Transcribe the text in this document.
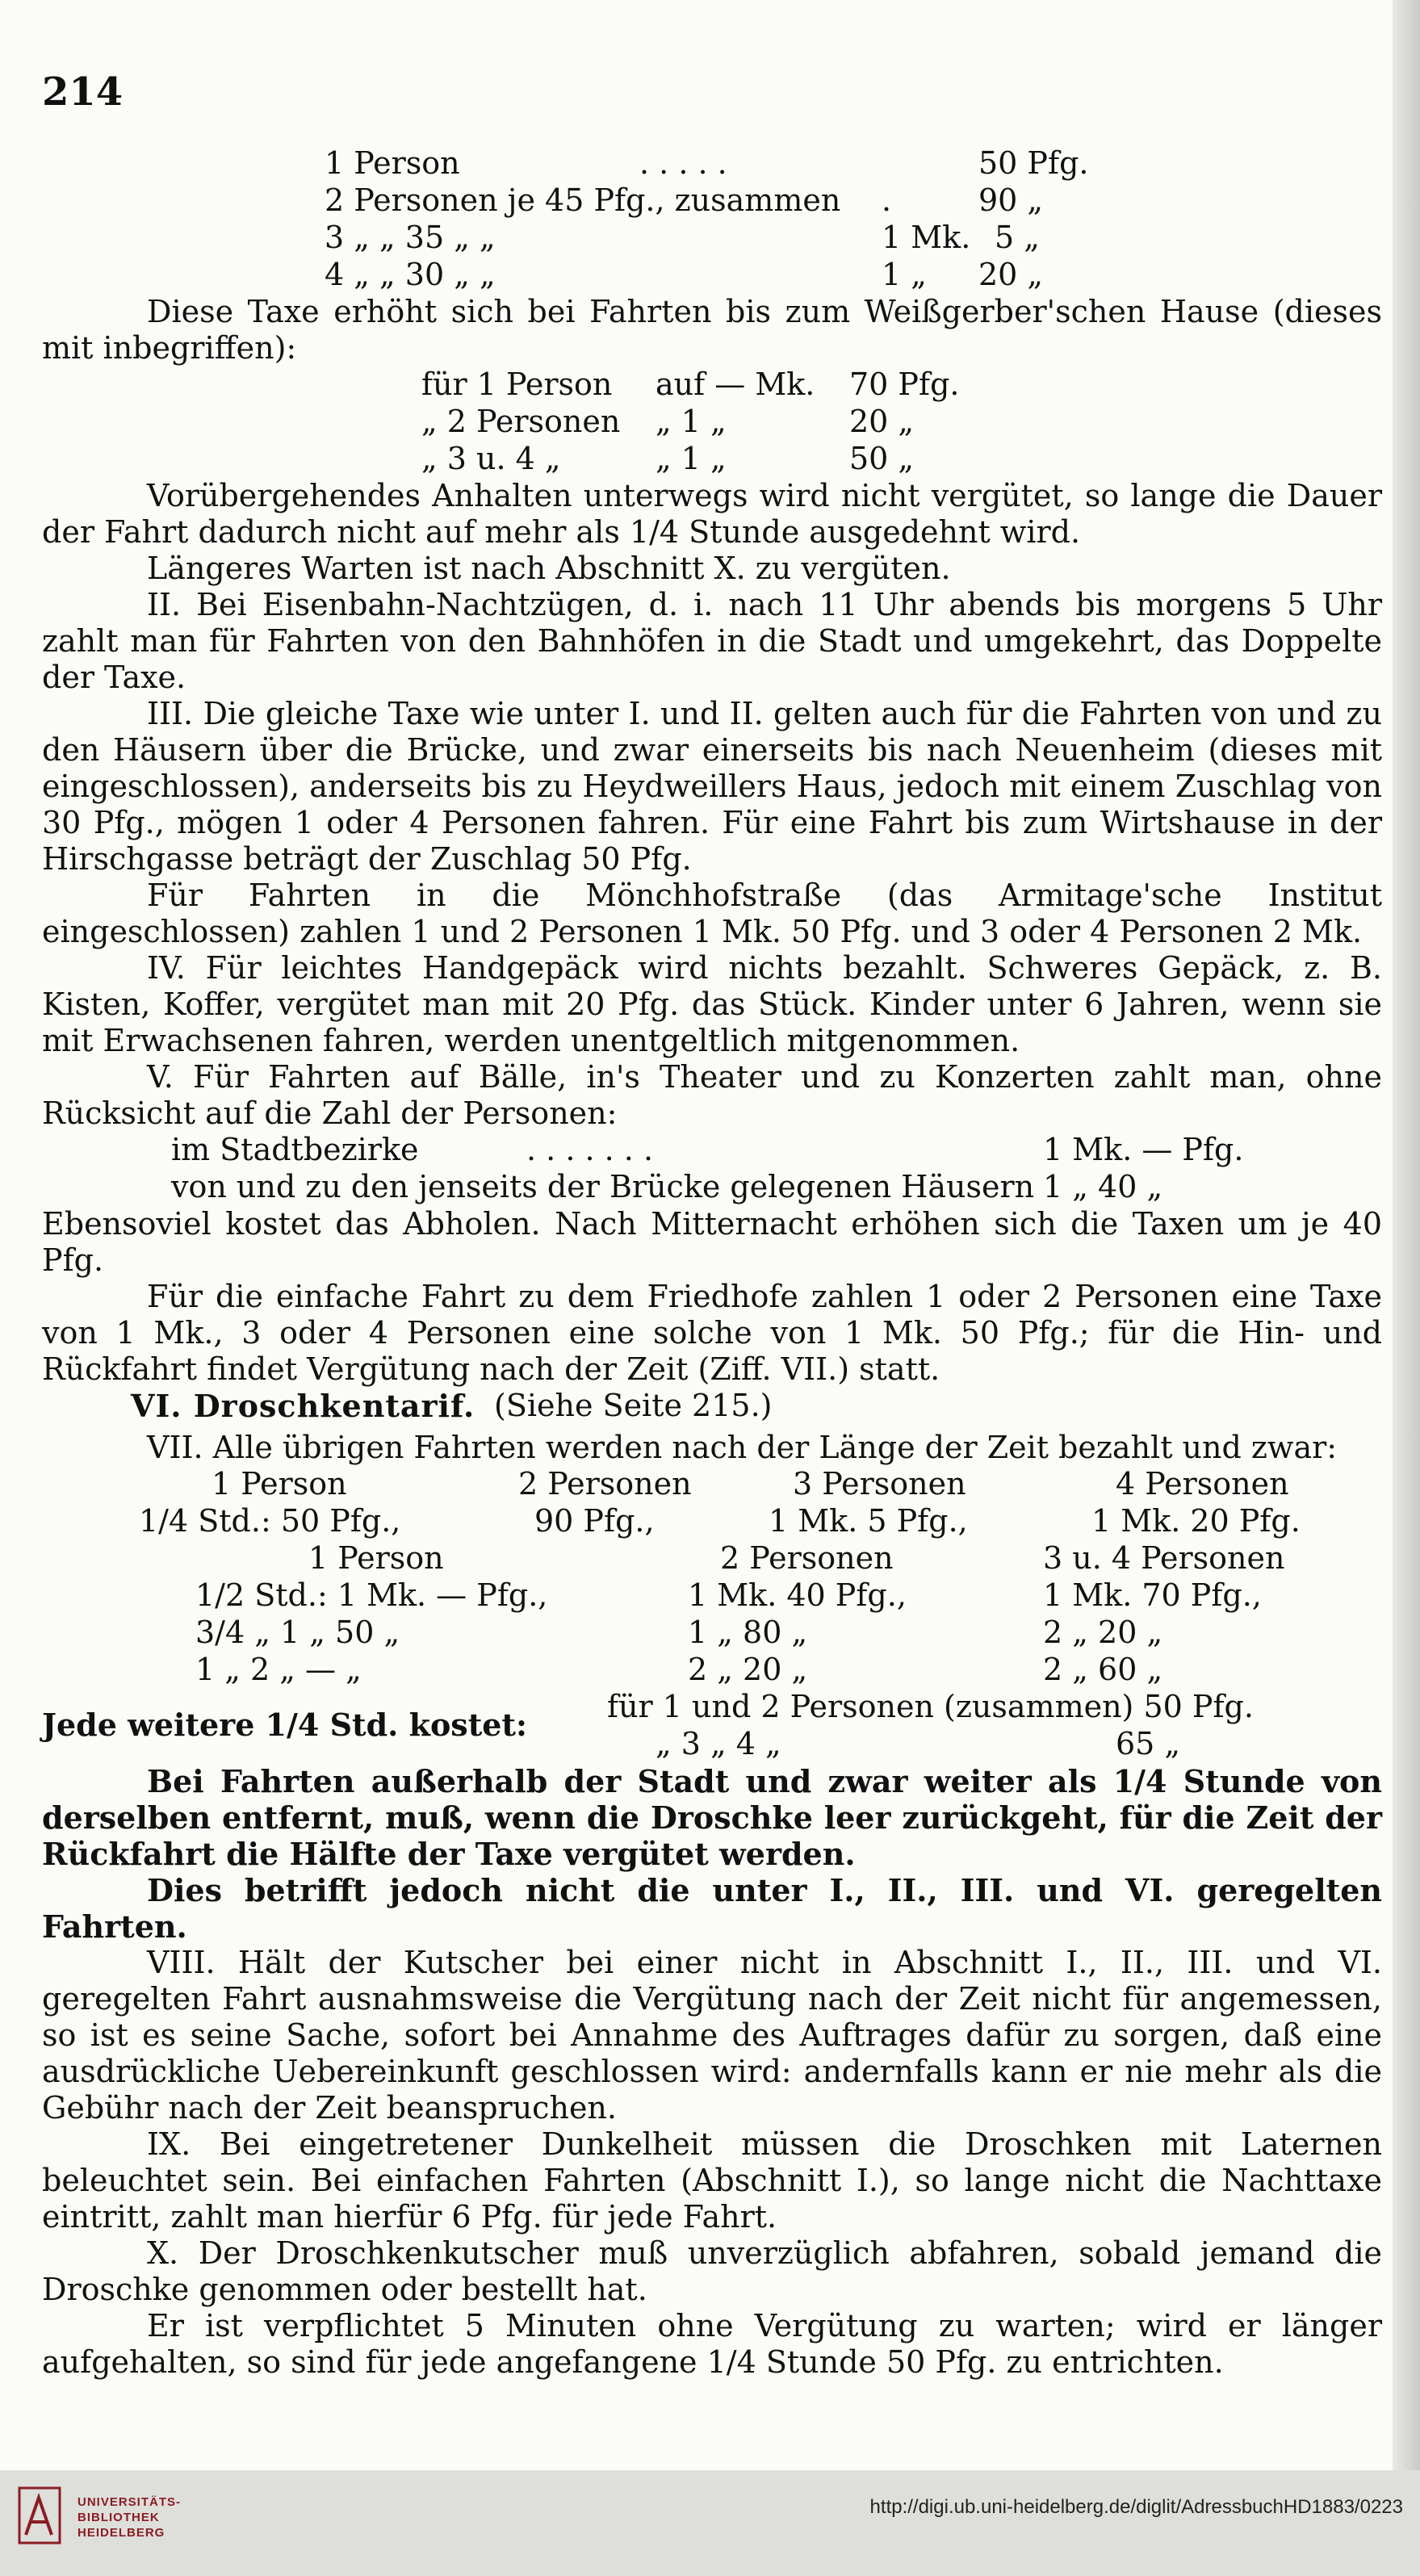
214
1 Person	. . . . .	50 Pfg.
2 Personen je 45 Pfg., zusammen .	90 „
3 „ „ 35 „ „	1 Mk. 5 „
4 „ „ 30 „ „	1 „ 20 „

Diese Taxe erhöht sich bei Fahrten bis zum Weißgerber'schen Hause (dieses mit inbegriffen):

für 1 Person auf — Mk. 70 Pfg.
„ 2 Personen „ 1 „	20 „
„ 3 u. 4 „	„ 1 „	50 „

Vorübergehendes Anhalten unterwegs wird nicht vergütet, so lange die Dauer der Fahrt dadurch nicht auf mehr als 1/4 Stunde ausgedehnt wird.

Längeres Warten ist nach Abschnitt X. zu vergüten.

II. Bei Eisenbahn-Nachtzügen, d. i. nach 11 Uhr abends bis morgens 5 Uhr zahlt man für Fahrten von den Bahnhöfen in die Stadt und umgekehrt, das Doppelte der Taxe.

III. Die gleiche Taxe wie unter I. und II. gelten auch für die Fahrten von und zu den Häusern über die Brücke, und zwar einerseits bis nach Neuenheim (dieses mit eingeschlossen), anderseits bis zu Heydweillers Haus, jedoch mit einem Zuschlag von 30 Pfg., mögen 1 oder 4 Personen fahren. Für eine Fahrt bis zum Wirtshause in der Hirschgasse beträgt der Zuschlag 50 Pfg.

Für Fahrten in die Mönchhofstraße (das Armitage'sche Institut eingeschlossen) zahlen 1 und 2 Personen 1 Mk. 50 Pfg. und 3 oder 4 Personen 2 Mk.

IV. Für leichtes Handgepäck wird nichts bezahlt. Schweres Gepäck, z. B. Kisten, Koffer, vergütet man mit 20 Pfg. das Stück. Kinder unter 6 Jahren, wenn sie mit Erwachsenen fahren, werden unentgeltlich mitgenommen.

V. Für Fahrten auf Bälle, in's Theater und zu Konzerten zahlt man, ohne Rücksicht auf die Zahl der Personen:

im Stadtbezirke	. . . . . . .	1 Mk. — Pfg.
von und zu den jenseits der Brücke gelegenen Häusern 1 „ 40 „

Ebensoviel kostet das Abholen. Nach Mitternacht erhöhen sich die Taxen um je 40 Pfg.

Für die einfache Fahrt zu dem Friedhofe zahlen 1 oder 2 Personen eine Taxe von 1 Mk., 3 oder 4 Personen eine solche von 1 Mk. 50 Pfg.; für die Hin- und Rückfahrt findet Vergütung nach der Zeit (Ziff. VII.) statt.

VI. Droschkentarif. (Siehe Seite 215.)

VII. Alle übrigen Fahrten werden nach der Länge der Zeit bezahlt und zwar:

1 Person	2 Personen	3 Personen	4 Personen
1/4 Std.: 50 Pfg.,	90 Pfg.,	1 Mk. 5 Pfg.,	1 Mk. 20 Pfg.
1 Person	2 Personen	3 u. 4 Personen
1/2 Std.: 1 Mk. — Pfg.,	1 Mk. 40 Pfg.,	1 Mk. 70 Pfg.,
3/4 „ 1 „ 50 „	1 „ 80 „	2 „ 20 „
1 „ 2 „ — „	2 „ 20 „	2 „ 60 „
Jede weitere 1/4 Std. kostet:	für 1 und 2 Personen (zusammen) 50 Pfg.
„ 3 „ 4 „	65 „

Bei Fahrten außerhalb der Stadt und zwar weiter als 1/4 Stunde von derselben entfernt, muß, wenn die Droschke leer zurückgeht, für die Zeit der Rückfahrt die Hälfte der Taxe vergütet werden.

Dies betrifft jedoch nicht die unter I., II., III. und VI. geregelten Fahrten.

VIII. Hält der Kutscher bei einer nicht in Abschnitt I., II., III. und VI. geregelten Fahrt ausnahmsweise die Vergütung nach der Zeit nicht für angemessen, so ist es seine Sache, sofort bei Annahme des Auftrages dafür zu sorgen, daß eine ausdrückliche Uebereinkunft geschlossen wird: andernfalls kann er nie mehr als die Gebühr nach der Zeit beanspruchen.

IX. Bei eingetretener Dunkelheit müssen die Droschken mit Laternen beleuchtet sein. Bei einfachen Fahrten (Abschnitt I.), so lange nicht die Nachttaxe eintritt, zahlt man hierfür 6 Pfg. für jede Fahrt.

X. Der Droschkenkutscher muß unverzüglich abfahren, sobald jemand die Droschke genommen oder bestellt hat.

Er ist verpflichtet 5 Minuten ohne Vergütung zu warten; wird er länger aufgehalten, so sind für jede angefangene 1/4 Stunde 50 Pfg. zu entrichten.

UNIVERSITÄTS-
BIBLIOTHEK
HEIDELBERG
http://digi.ub.uni-heidelberg.de/diglit/AdressbuchHD1883/0223
